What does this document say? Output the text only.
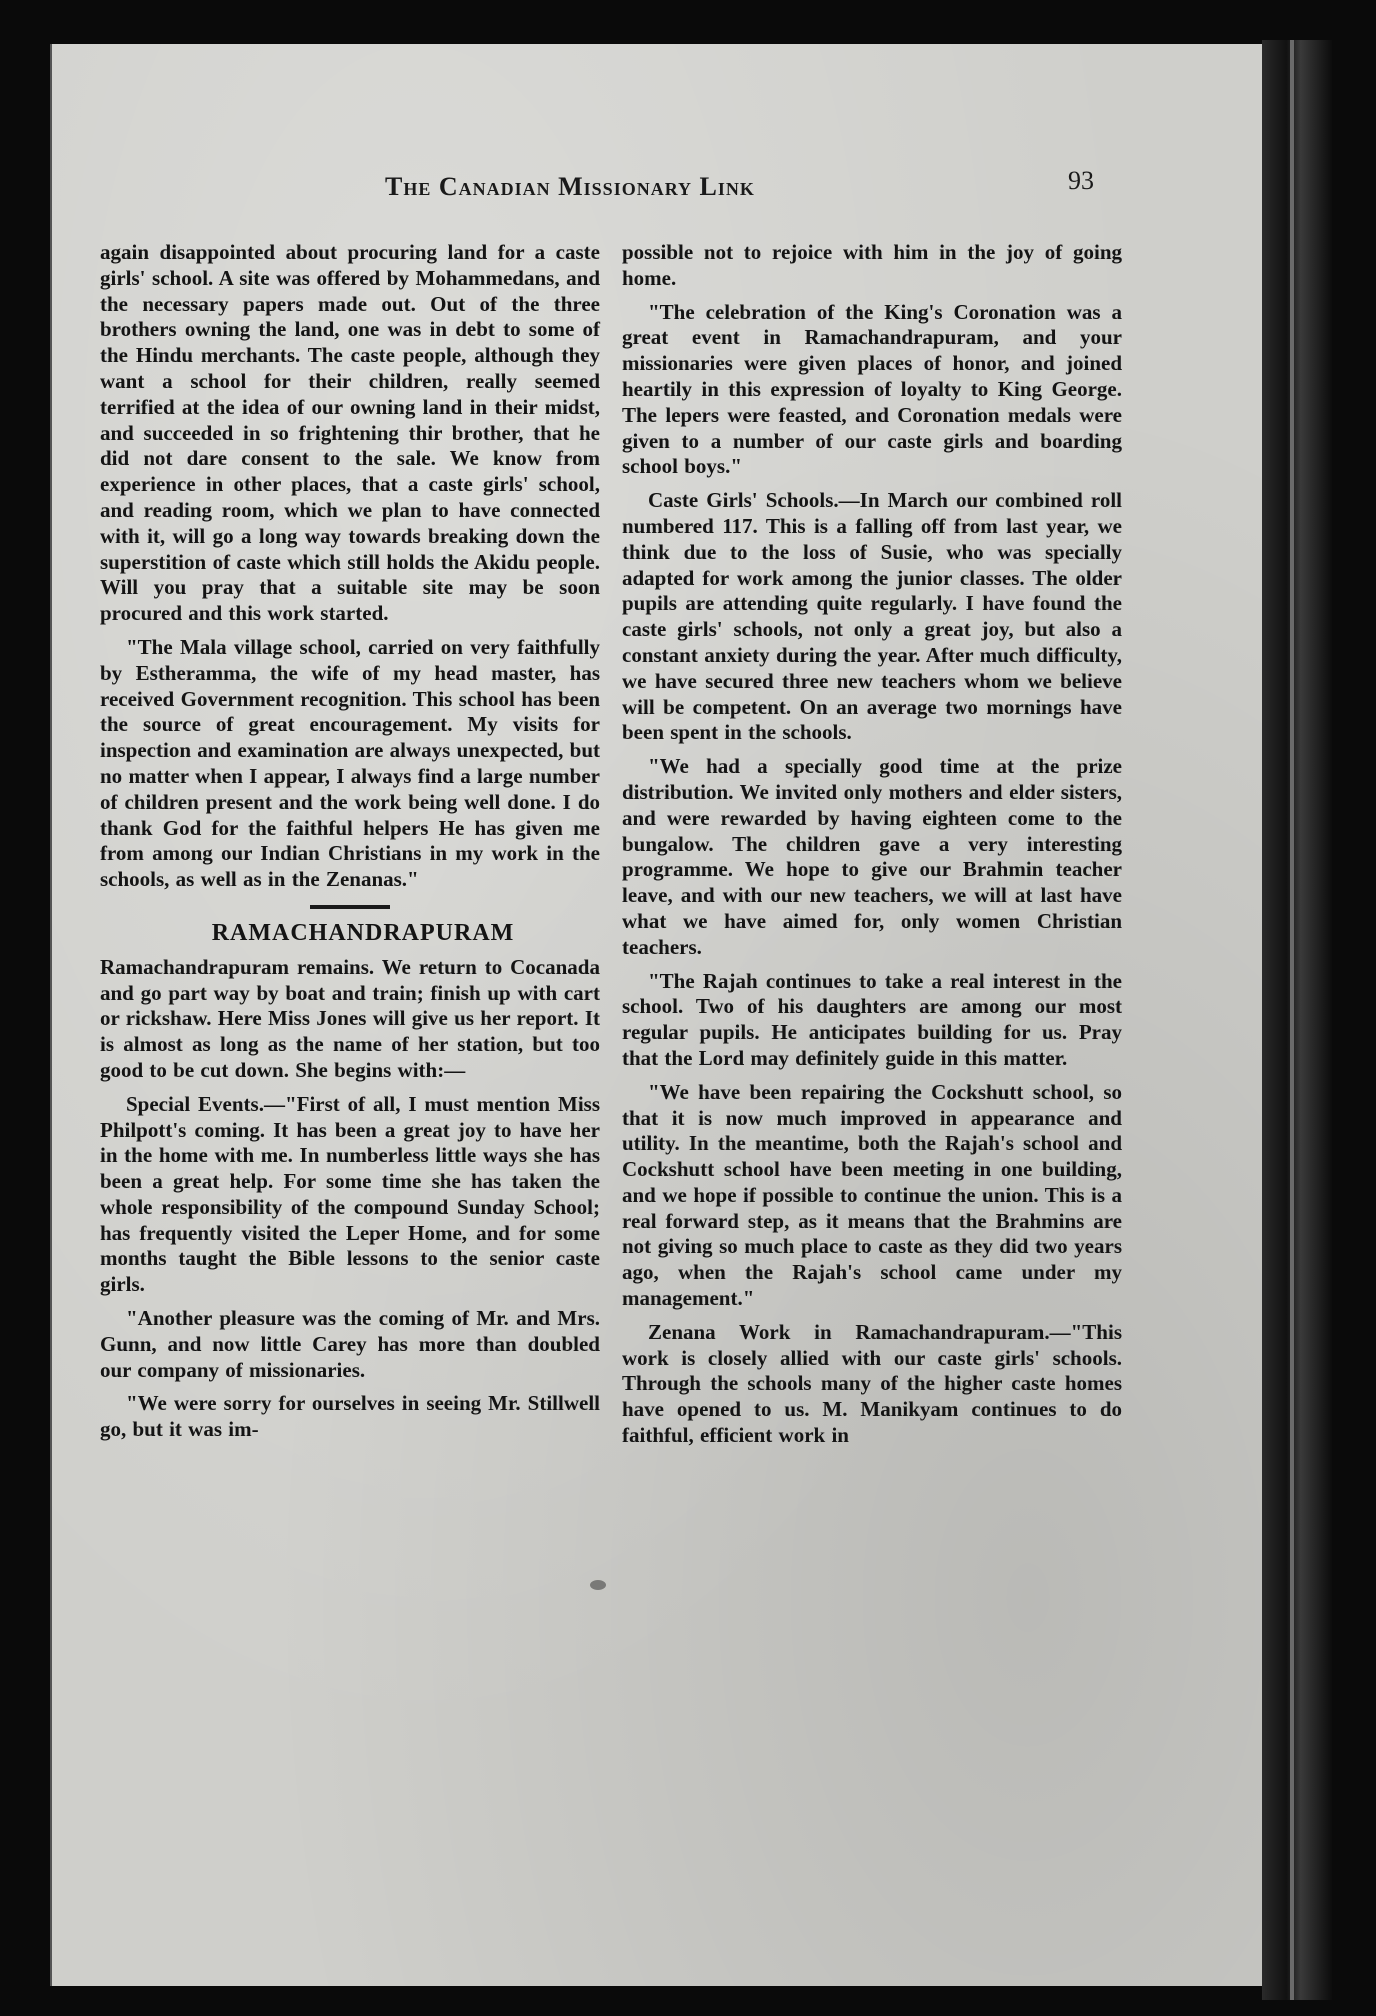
The Canadian Missionary Link	93

again disappointed about procuring land for a caste girls' school. A site was offered by Mohammedans, and the necessary papers made out. Out of the three brothers owning the land, one was in debt to some of the Hindu merchants. The caste people, although they want a school for their children, really seemed terrified at the idea of our owning land in their midst, and succeeded in so frightening thir brother, that he did not dare consent to the sale. We know from experience in other places, that a caste girls' school, and reading room, which we plan to have connected with it, will go a long way towards breaking down the superstition of caste which still holds the Akidu people. Will you pray that a suitable site may be soon procured and this work started.

"The Mala village school, carried on very faithfully by Estheramma, the wife of my head master, has received Government recognition. This school has been the source of great encouragement. My visits for inspection and examination are always unexpected, but no matter when I appear, I always find a large number of children present and the work being well done. I do thank God for the faithful helpers He has given me from among our Indian Christians in my work in the schools, as well as in the Zenanas."

RAMACHANDRAPURAM

Ramachandrapuram remains. We return to Cocanada and go part way by boat and train; finish up with cart or rickshaw. Here Miss Jones will give us her report. It is almost as long as the name of her station, but too good to be cut down. She begins with:—

Special Events.—"First of all, I must mention Miss Philpott's coming. It has been a great joy to have her in the home with me. In numberless little ways she has been a great help. For some time she has taken the whole responsibility of the compound Sunday School; has frequently visited the Leper Home, and for some months taught the Bible lessons to the senior caste girls.

"Another pleasure was the coming of Mr. and Mrs. Gunn, and now little Carey has more than doubled our company of missionaries.

"We were sorry for ourselves in seeing Mr. Stillwell go, but it was im-

possible not to rejoice with him in the joy of going home.

"The celebration of the King's Coronation was a great event in Ramachandrapuram, and your missionaries were given places of honor, and joined heartily in this expression of loyalty to King George. The lepers were feasted, and Coronation medals were given to a number of our caste girls and boarding school boys."

Caste Girls' Schools.—In March our combined roll numbered 117. This is a falling off from last year, we think due to the loss of Susie, who was specially adapted for work among the junior classes. The older pupils are attending quite regularly. I have found the caste girls' schools, not only a great joy, but also a constant anxiety during the year. After much difficulty, we have secured three new teachers whom we believe will be competent. On an average two mornings have been spent in the schools.

"We had a specially good time at the prize distribution. We invited only mothers and elder sisters, and were rewarded by having eighteen come to the bungalow. The children gave a very interesting programme. We hope to give our Brahmin teacher leave, and with our new teachers, we will at last have what we have aimed for, only women Christian teachers.

"The Rajah continues to take a real interest in the school. Two of his daughters are among our most regular pupils. He anticipates building for us. Pray that the Lord may definitely guide in this matter.

"We have been repairing the Cockshutt school, so that it is now much improved in appearance and utility. In the meantime, both the Rajah's school and Cockshutt school have been meeting in one building, and we hope if possible to continue the union. This is a real forward step, as it means that the Brahmins are not giving so much place to caste as they did two years ago, when the Rajah's school came under my management."

Zenana Work in Ramachandrapuram.—"This work is closely allied with our caste girls' schools. Through the schools many of the higher caste homes have opened to us. M. Manikyam continues to do faithful, efficient work in
